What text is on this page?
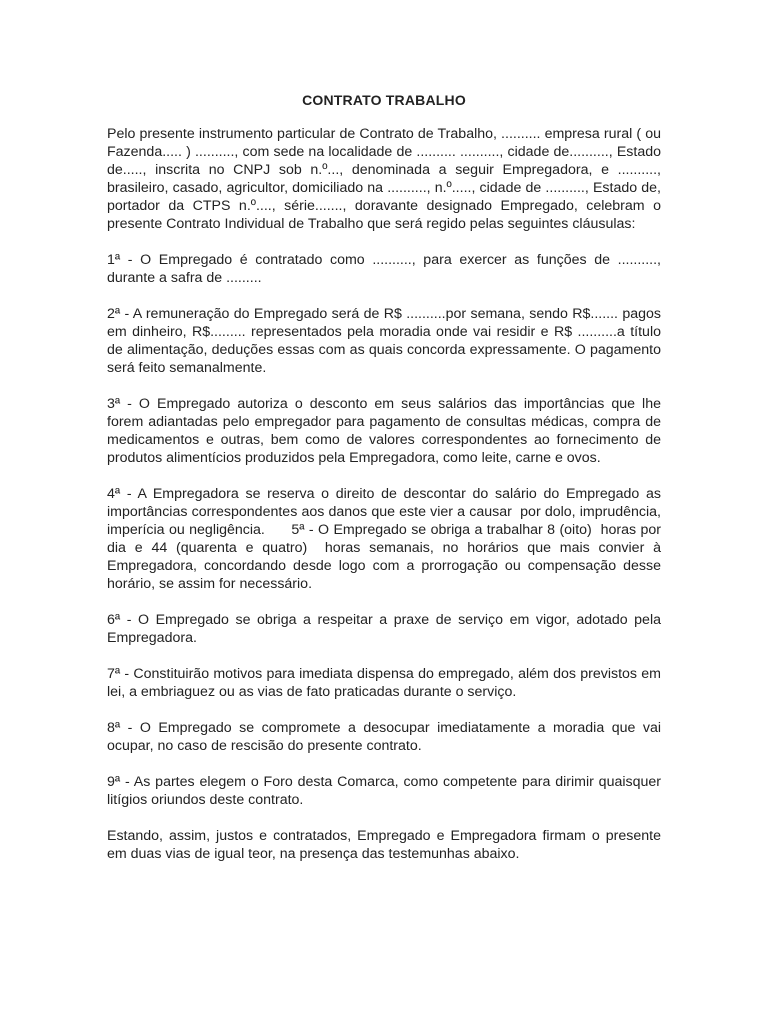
CONTRATO TRABALHO

Pelo presente instrumento particular de Contrato de Trabalho, .......... empresa rural ( ou Fazenda..... ) .........., com sede na localidade de .......... .........., cidade de.........., Estado de....., inscrita no CNPJ sob n.º..., denominada a seguir Empregadora, e .........., brasileiro, casado, agricultor, domiciliado na .........., n.º....., cidade de .........., Estado de, portador da CTPS n.º...., série......., doravante designado Empregado, celebram o presente Contrato Individual de Trabalho que será regido pelas seguintes cláusulas:

1ª - O Empregado é contratado como .........., para exercer as funções de .........., durante a safra de .........

2ª - A remuneração do Empregado será de R$ ..........por semana, sendo R$....... pagos em dinheiro, R$......... representados pela moradia onde vai residir e R$ ..........a título de alimentação, deduções essas com as quais concorda expressamente. O pagamento será feito semanalmente.

3ª - O Empregado autoriza o desconto em seus salários das importâncias que lhe forem adiantadas pelo empregador para pagamento de consultas médicas, compra de medicamentos e outras, bem como de valores correspondentes ao fornecimento de produtos alimentícios produzidos pela Empregadora, como leite, carne e ovos.

4ª - A Empregadora se reserva o direito de descontar do salário do Empregado as importâncias correspondentes aos danos que este vier a causar  por dolo, imprudência, imperícia ou negligência.      5ª - O Empregado se obriga a trabalhar 8 (oito)  horas por dia e 44 (quarenta e quatro)  horas semanais, no horários que mais convier à Empregadora, concordando desde logo com a prorrogação ou compensação desse horário, se assim for necessário.

6ª - O Empregado se obriga a respeitar a praxe de serviço em vigor, adotado pela Empregadora.

7ª - Constituirão motivos para imediata dispensa do empregado, além dos previstos em lei, a embriaguez ou as vias de fato praticadas durante o serviço.

8ª - O Empregado se compromete a desocupar imediatamente a moradia que vai ocupar, no caso de rescisão do presente contrato.

9ª - As partes elegem o Foro desta Comarca, como competente para dirimir quaisquer litígios oriundos deste contrato.

Estando, assim, justos e contratados, Empregado e Empregadora firmam o presente em duas vias de igual teor, na presença das testemunhas abaixo.
